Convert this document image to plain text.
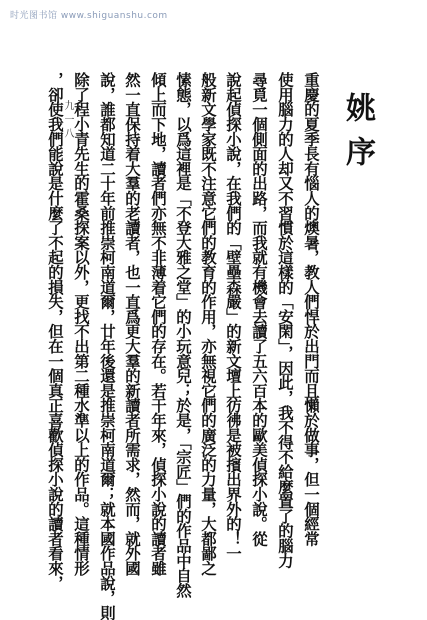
时光图书馆 www.shiguanshu.com
姚序
重慶的夏季長有惱人的燠暑，教人們悍於出門而且懶於做事，但一個經常
使用腦力的人却又不習慣於這樣的「安閑」，因此，我不得不給麼置了的腦力
尋覓一個側面的出路，而我就有機會去讀了五六百本的歐美偵探小說。從
說起偵探小說，在我們的「壁壘森嚴」的新文壇上彷彿是被擯出界外的！一
般新文學家既不注意它們的教育的作用，亦無視它們的廣泛的力量，大都鄙之
愫態，以爲這裡是「不登大雅之堂」的小玩意兒；於是，「宗匠」們的作品中自然
傾上而下地，讀者們亦無不非薄着它們的存在。若干年來，偵探小說的讀者雖
然一直保持着大羣的老讀者，也一直爲更大羣的新讀者所需求，然而，就外國
說，誰都知道二十年前推崇柯南道爾，廿年後還是推崇柯南道爾；就本國作品說，則
除了程小青先生的霍桑探案以外，更找不出第二種水準以上的作品。這種情形
，卻使我們能說是什麼了不起的損失，但在一個真正喜歡偵探小說的讀者看來，
九一八
